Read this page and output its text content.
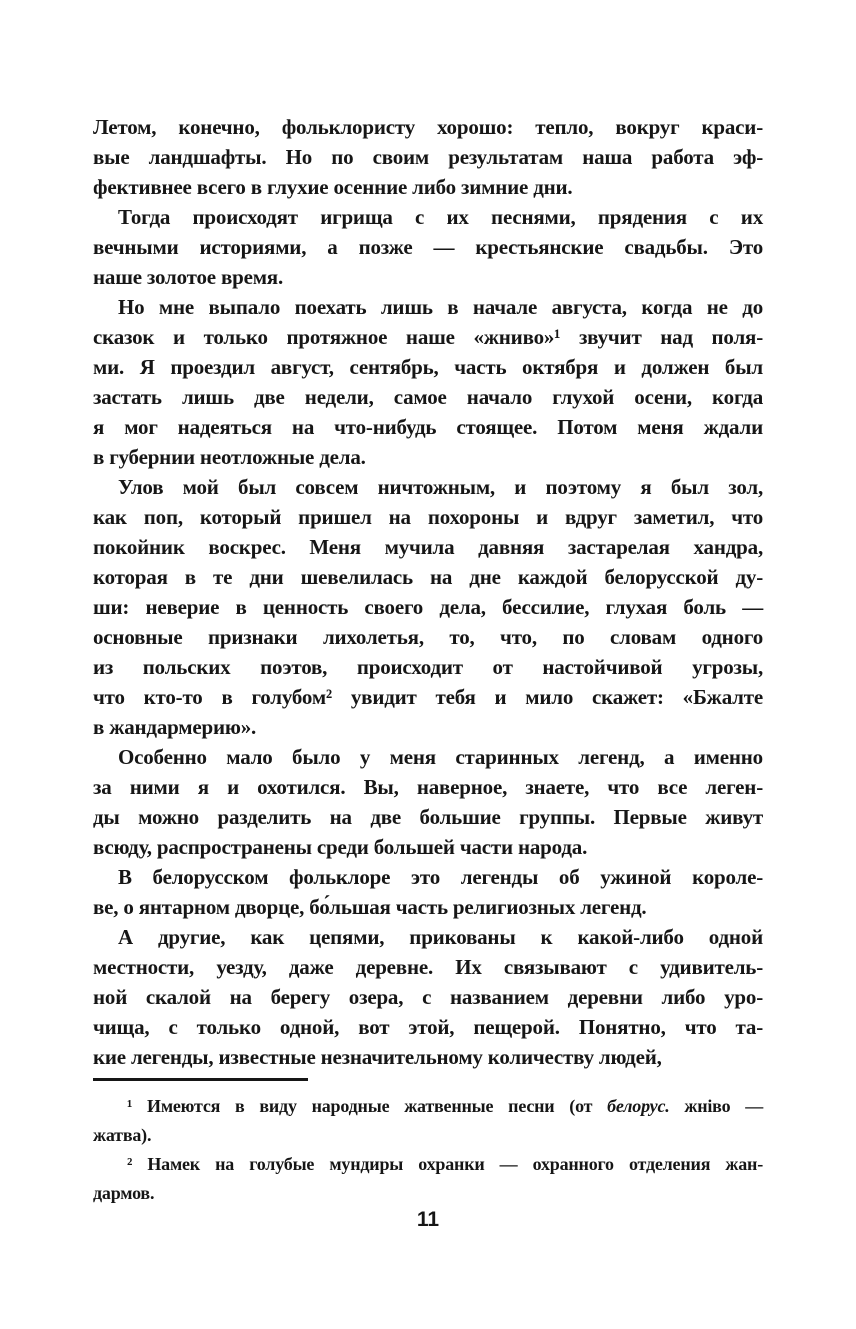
Летом, конечно, фольклористу хорошо: тепло, вокруг краси-
вые ландшафты. Но по своим результатам наша работа эф-
фективнее всего в глухие осенние либо зимние дни.
Тогда происходят игрища с их песнями, прядения с их
вечными историями, а позже — крестьянские свадьбы. Это
наше золотое время.
Но мне выпало поехать лишь в начале августа, когда не до
сказок и только протяжное наше «жниво»¹ звучит над поля-
ми. Я проездил август, сентябрь, часть октября и должен был
застать лишь две недели, самое начало глухой осени, когда
я мог надеяться на что-нибудь стоящее. Потом меня ждали
в губернии неотложные дела.
Улов мой был совсем ничтожным, и поэтому я был зол,
как поп, который пришел на похороны и вдруг заметил, что
покойник воскрес. Меня мучила давняя застарелая хандра,
которая в те дни шевелилась на дне каждой белорусской ду-
ши: неверие в ценность своего дела, бессилие, глухая боль —
основные признаки лихолетья, то, что, по словам одного
из польских поэтов, происходит от настойчивой угрозы,
что кто-то в голубом² увидит тебя и мило скажет: «Бжалте
в жандармерию».
Особенно мало было у меня старинных легенд, а именно
за ними я и охотился. Вы, наверное, знаете, что все леген-
ды можно разделить на две большие группы. Первые живут
всюду, распространены среди большей части народа.
В белорусском фольклоре это легенды об ужиной короле-
ве, о янтарном дворце, бо́льшая часть религиозных легенд.
А другие, как цепями, прикованы к какой-либо одной
местности, уезду, даже деревне. Их связывают с удивитель-
ной скалой на берегу озера, с названием деревни либо уро-
чища, с только одной, вот этой, пещерой. Понятно, что та-
кие легенды, известные незначительному количеству людей,
¹ Имеются в виду народные жатвенные песни (от белорус. жніво —
жатва).
² Намек на голубые мундиры охранки — охранного отделения жан-
дармов.
11
